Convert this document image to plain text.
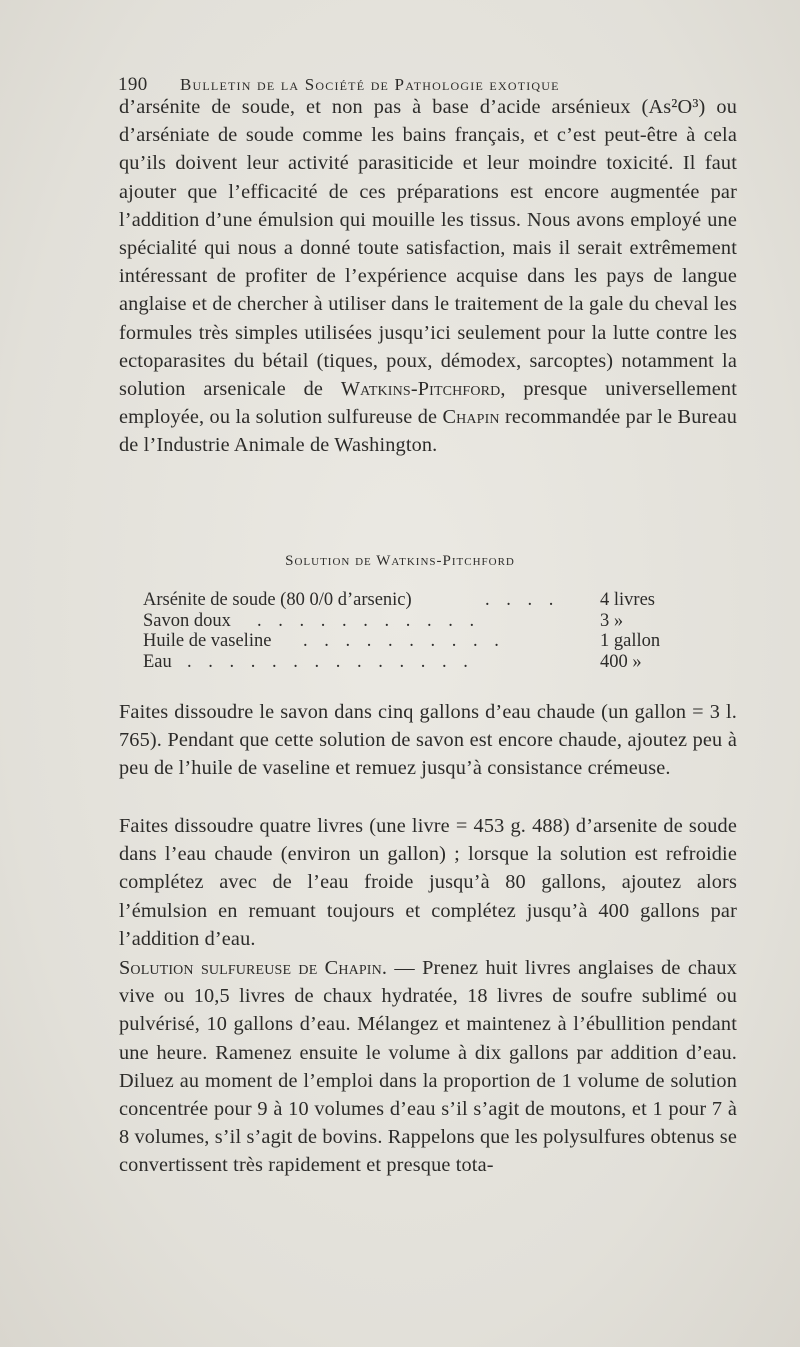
190 Bulletin de la Société de Pathologie exotique
d’arsénite de soude, et non pas à base d’acide arsénieux (As²O³) ou d’arséniate de soude comme les bains français, et c’est peut-être à cela qu’ils doivent leur activité parasiticide et leur moindre toxicité. Il faut ajouter que l’efficacité de ces préparations est encore augmentée par l’addition d’une émulsion qui mouille les tissus. Nous avons employé une spécialité qui nous a donné toute satisfaction, mais il serait extrêmement intéressant de profiter de l’expérience acquise dans les pays de langue anglaise et de chercher à utiliser dans le traitement de la gale du cheval les formules très simples utilisées jusqu’ici seulement pour la lutte contre les ectoparasites du bétail (tiques, poux, démodex, sarcoptes) notamment la solution arsenicale de Watkins-Pitchford, presque universellement employée, ou la solution sulfureuse de Chapin recommandée par le Bureau de l’Industrie Animale de Washington.
Solution de Watkins-Pitchford
Arsénite de soude (80 0/0 d’arsenic)	. . . . 4 livres
Savon doux . . . . . . . . . . .	3 »
Huile de vaseline . . . . . . . . . .	1 gallon
Eau . . . . . . . . . . . . . .	400 »
Faites dissoudre le savon dans cinq gallons d’eau chaude (un gallon = 3 l. 765). Pendant que cette solution de savon est encore chaude, ajoutez peu à peu de l’huile de vaseline et remuez jusqu’à consistance crémeuse.
Faites dissoudre quatre livres (une livre = 453 g. 488) d’arsenite de soude dans l’eau chaude (environ un gallon) ; lorsque la solution est refroidie complétez avec de l’eau froide jusqu’à 80 gallons, ajoutez alors l’émulsion en remuant toujours et complétez jusqu’à 400 gallons par l’addition d’eau.
Solution sulfureuse de Chapin. — Prenez huit livres anglaises de chaux vive ou 10,5 livres de chaux hydratée, 18 livres de soufre sublimé ou pulvérisé, 10 gallons d’eau. Mélangez et maintenez à l’ébullition pendant une heure. Ramenez ensuite le volume à dix gallons par addition d’eau. Diluez au moment de l’emploi dans la proportion de 1 volume de solution concentrée pour 9 à 10 volumes d’eau s’il s’agit de moutons, et 1 pour 7 à 8 volumes, s’il s’agit de bovins. Rappelons que les polysulfures obtenus se convertissent très rapidement et presque tota-
